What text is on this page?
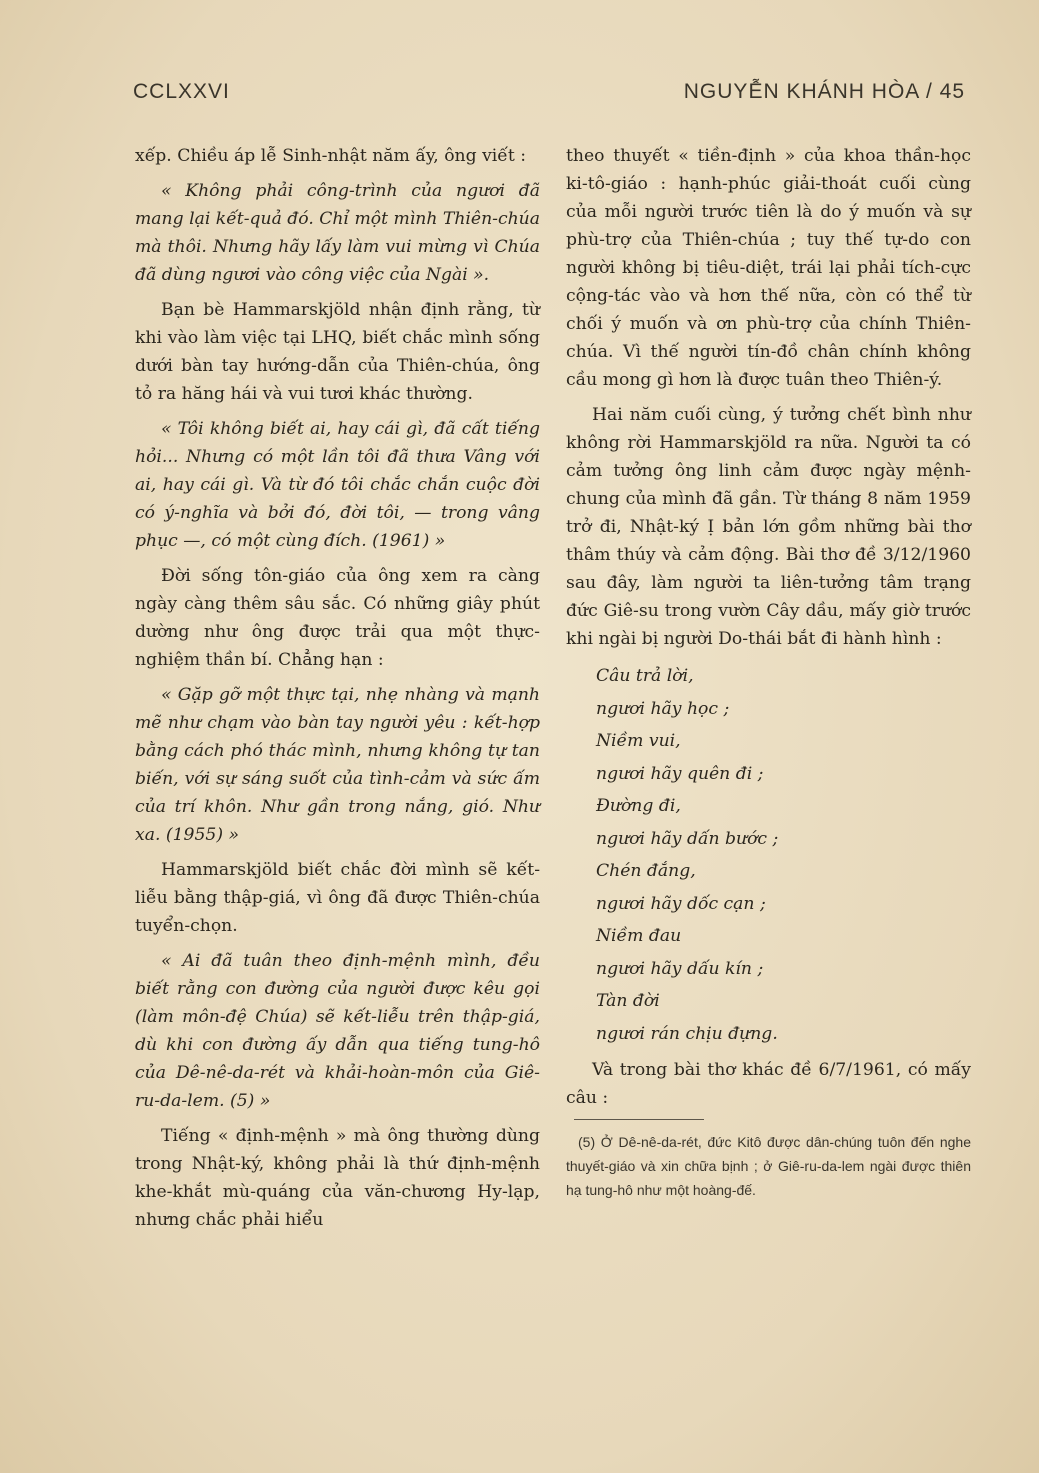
CCLXXVI	NGUYỄN KHÁNH HÒA / 45

xếp. Chiều áp lễ Sinh-nhật năm ấy, ông viết :

« Không phải công-trình của ngươi đã mang lại kết-quả đó. Chỉ một mình Thiên-chúa mà thôi. Nhưng hãy lấy làm vui mừng vì Chúa đã dùng ngươi vào công việc của Ngài ».

Bạn bè Hammarskjöld nhận định rằng, từ khi vào làm việc tại LHQ, biết chắc mình sống dưới bàn tay hướng-dẫn của Thiên-chúa, ông tỏ ra hăng hái và vui tươi khác thường.

« Tôi không biết ai, hay cái gì, đã cất tiếng hỏi... Nhưng có một lần tôi đã thưa Vâng với ai, hay cái gì. Và từ đó tôi chắc chắn cuộc đời có ý-nghĩa và bởi đó, đời tôi, — trong vâng phục —, có một cùng đích. (1961) »

Đời sống tôn-giáo của ông xem ra càng ngày càng thêm sâu sắc. Có những giây phút dường như ông được trải qua một thực-nghiệm thần bí. Chẳng hạn :

« Gặp gỡ một thực tại, nhẹ nhàng và mạnh mẽ như chạm vào bàn tay người yêu : kết-hợp bằng cách phó thác mình, nhưng không tự tan biến, với sự sáng suốt của tình-cảm và sức ấm của trí khôn. Như gần trong nắng, gió. Như xa. (1955) »

Hammarskjöld biết chắc đời mình sẽ kết-liễu bằng thập-giá, vì ông đã được Thiên-chúa tuyển-chọn.

« Ai đã tuân theo định-mệnh mình, đều biết rằng con đường của người được kêu gọi (làm môn-đệ Chúa) sẽ kết-liễu trên thập-giá, dù khi con đường ấy dẫn qua tiếng tung-hô của Dê-nê-da-rét và khải-hoàn-môn của Giê-ru-da-lem. (5) »

Tiếng « định-mệnh » mà ông thường dùng trong Nhật-ký, không phải là thứ định-mệnh khe-khắt mù-quáng của văn-chương Hy-lạp, nhưng chắc phải hiểu

theo thuyết « tiền-định » của khoa thần-học ki-tô-giáo : hạnh-phúc giải-thoát cuối cùng của mỗi người trước tiên là do ý muốn và sự phù-trợ của Thiên-chúa ; tuy thế tự-do con người không bị tiêu-diệt, trái lại phải tích-cực cộng-tác vào và hơn thế nữa, còn có thể từ chối ý muốn và ơn phù-trợ của chính Thiên-chúa. Vì thế người tín-đồ chân chính không cầu mong gì hơn là được tuân theo Thiên-ý.

Hai năm cuối cùng, ý tưởng chết bình như không rời Hammarskjöld ra nữa. Người ta có cảm tưởng ông linh cảm được ngày mệnh-chung của mình đã gần. Từ tháng 8 năm 1959 trở đi, Nhật-ký Ị bản lớn gồm những bài thơ thâm thúy và cảm động. Bài thơ đề 3/12/1960 sau đây, làm người ta liên-tưởng tâm trạng đức Giê-su trong vườn Cây dầu, mấy giờ trước khi ngài bị người Do-thái bắt đi hành hình :

Câu trả lời,
ngươi hãy học ;
Niềm vui,
ngươi hãy quên đi ;
Đường đi,
ngươi hãy dấn bước ;
Chén đắng,
ngươi hãy dốc cạn ;
Niềm đau
ngươi hãy dấu kín ;
Tàn đời
ngươi rán chịu đựng.

Và trong bài thơ khác đề 6/7/1961, có mấy câu :

(5) Ở Dê-nê-da-rét, đức Kitô được dân-chúng tuôn đến nghe thuyết-giáo và xin chữa bịnh ; ở Giê-ru-da-lem ngài được thiên hạ tung-hô như một hoàng-đế.
